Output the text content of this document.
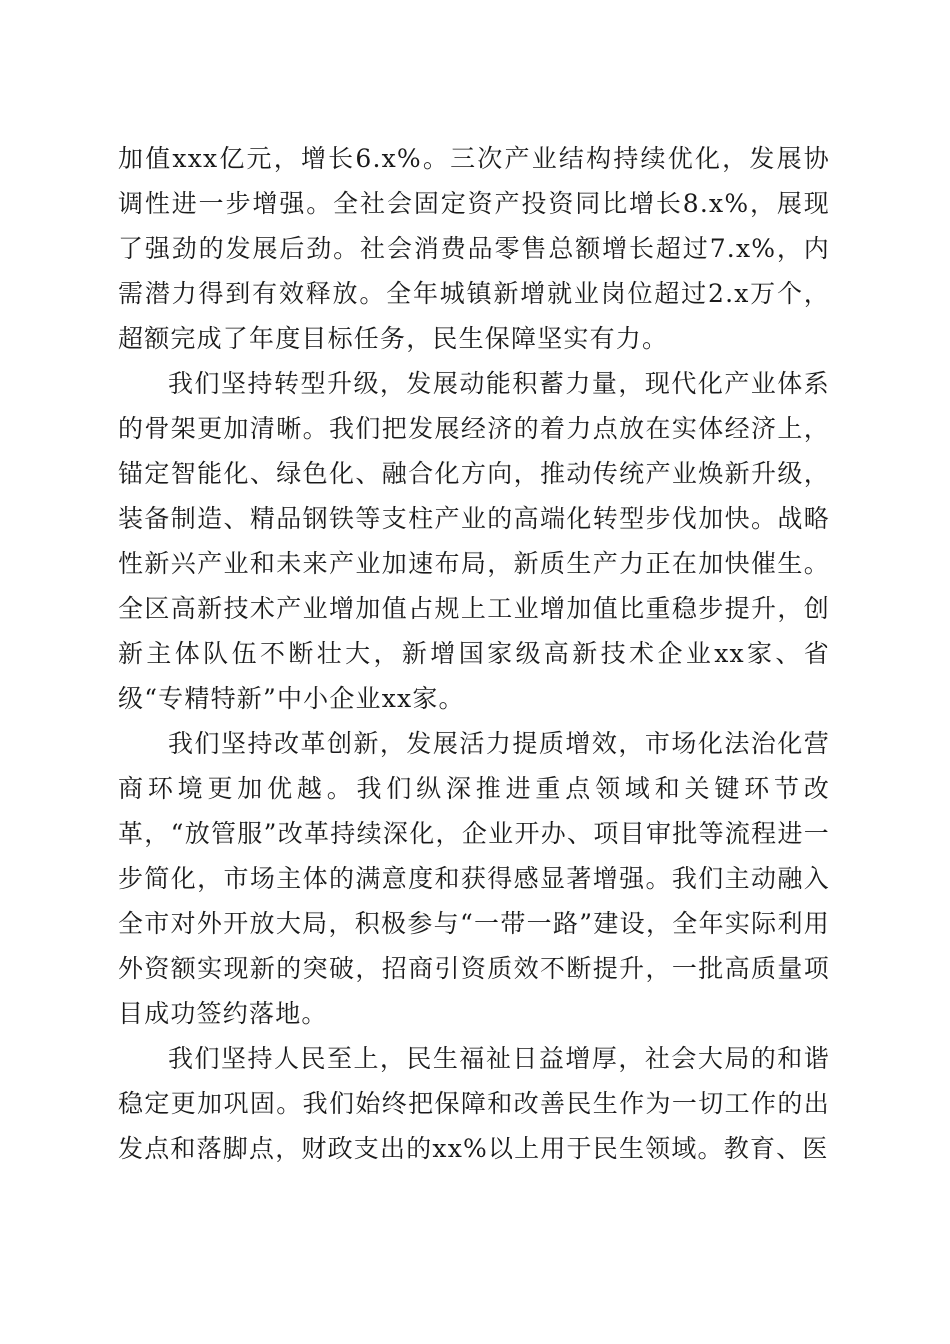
加值xxx亿元，增长6.x%。三次产业结构持续优化，发展协调性进一步增强。全社会固定资产投资同比增长8.x%，展现了强劲的发展后劲。社会消费品零售总额增长超过7.x%，内需潜力得到有效释放。全年城镇新增就业岗位超过2.x万个，超额完成了年度目标任务，民生保障坚实有力。

我们坚持转型升级，发展动能积蓄力量，现代化产业体系的骨架更加清晰。我们把发展经济的着力点放在实体经济上，锚定智能化、绿色化、融合化方向，推动传统产业焕新升级，装备制造、精品钢铁等支柱产业的高端化转型步伐加快。战略性新兴产业和未来产业加速布局，新质生产力正在加快催生。全区高新技术产业增加值占规上工业增加值比重稳步提升，创新主体队伍不断壮大，新增国家级高新技术企业xx家、省级“专精特新”中小企业xx家。

我们坚持改革创新，发展活力提质增效，市场化法治化营商环境更加优越。我们纵深推进重点领域和关键环节改革，“放管服”改革持续深化，企业开办、项目审批等流程进一步简化，市场主体的满意度和获得感显著增强。我们主动融入全市对外开放大局，积极参与“一带一路”建设，全年实际利用外资额实现新的突破，招商引资质效不断提升，一批高质量项目成功签约落地。

我们坚持人民至上，民生福祉日益增厚，社会大局的和谐稳定更加巩固。我们始终把保障和改善民生作为一切工作的出发点和落脚点，财政支出的xx%以上用于民生领域。教育、医
